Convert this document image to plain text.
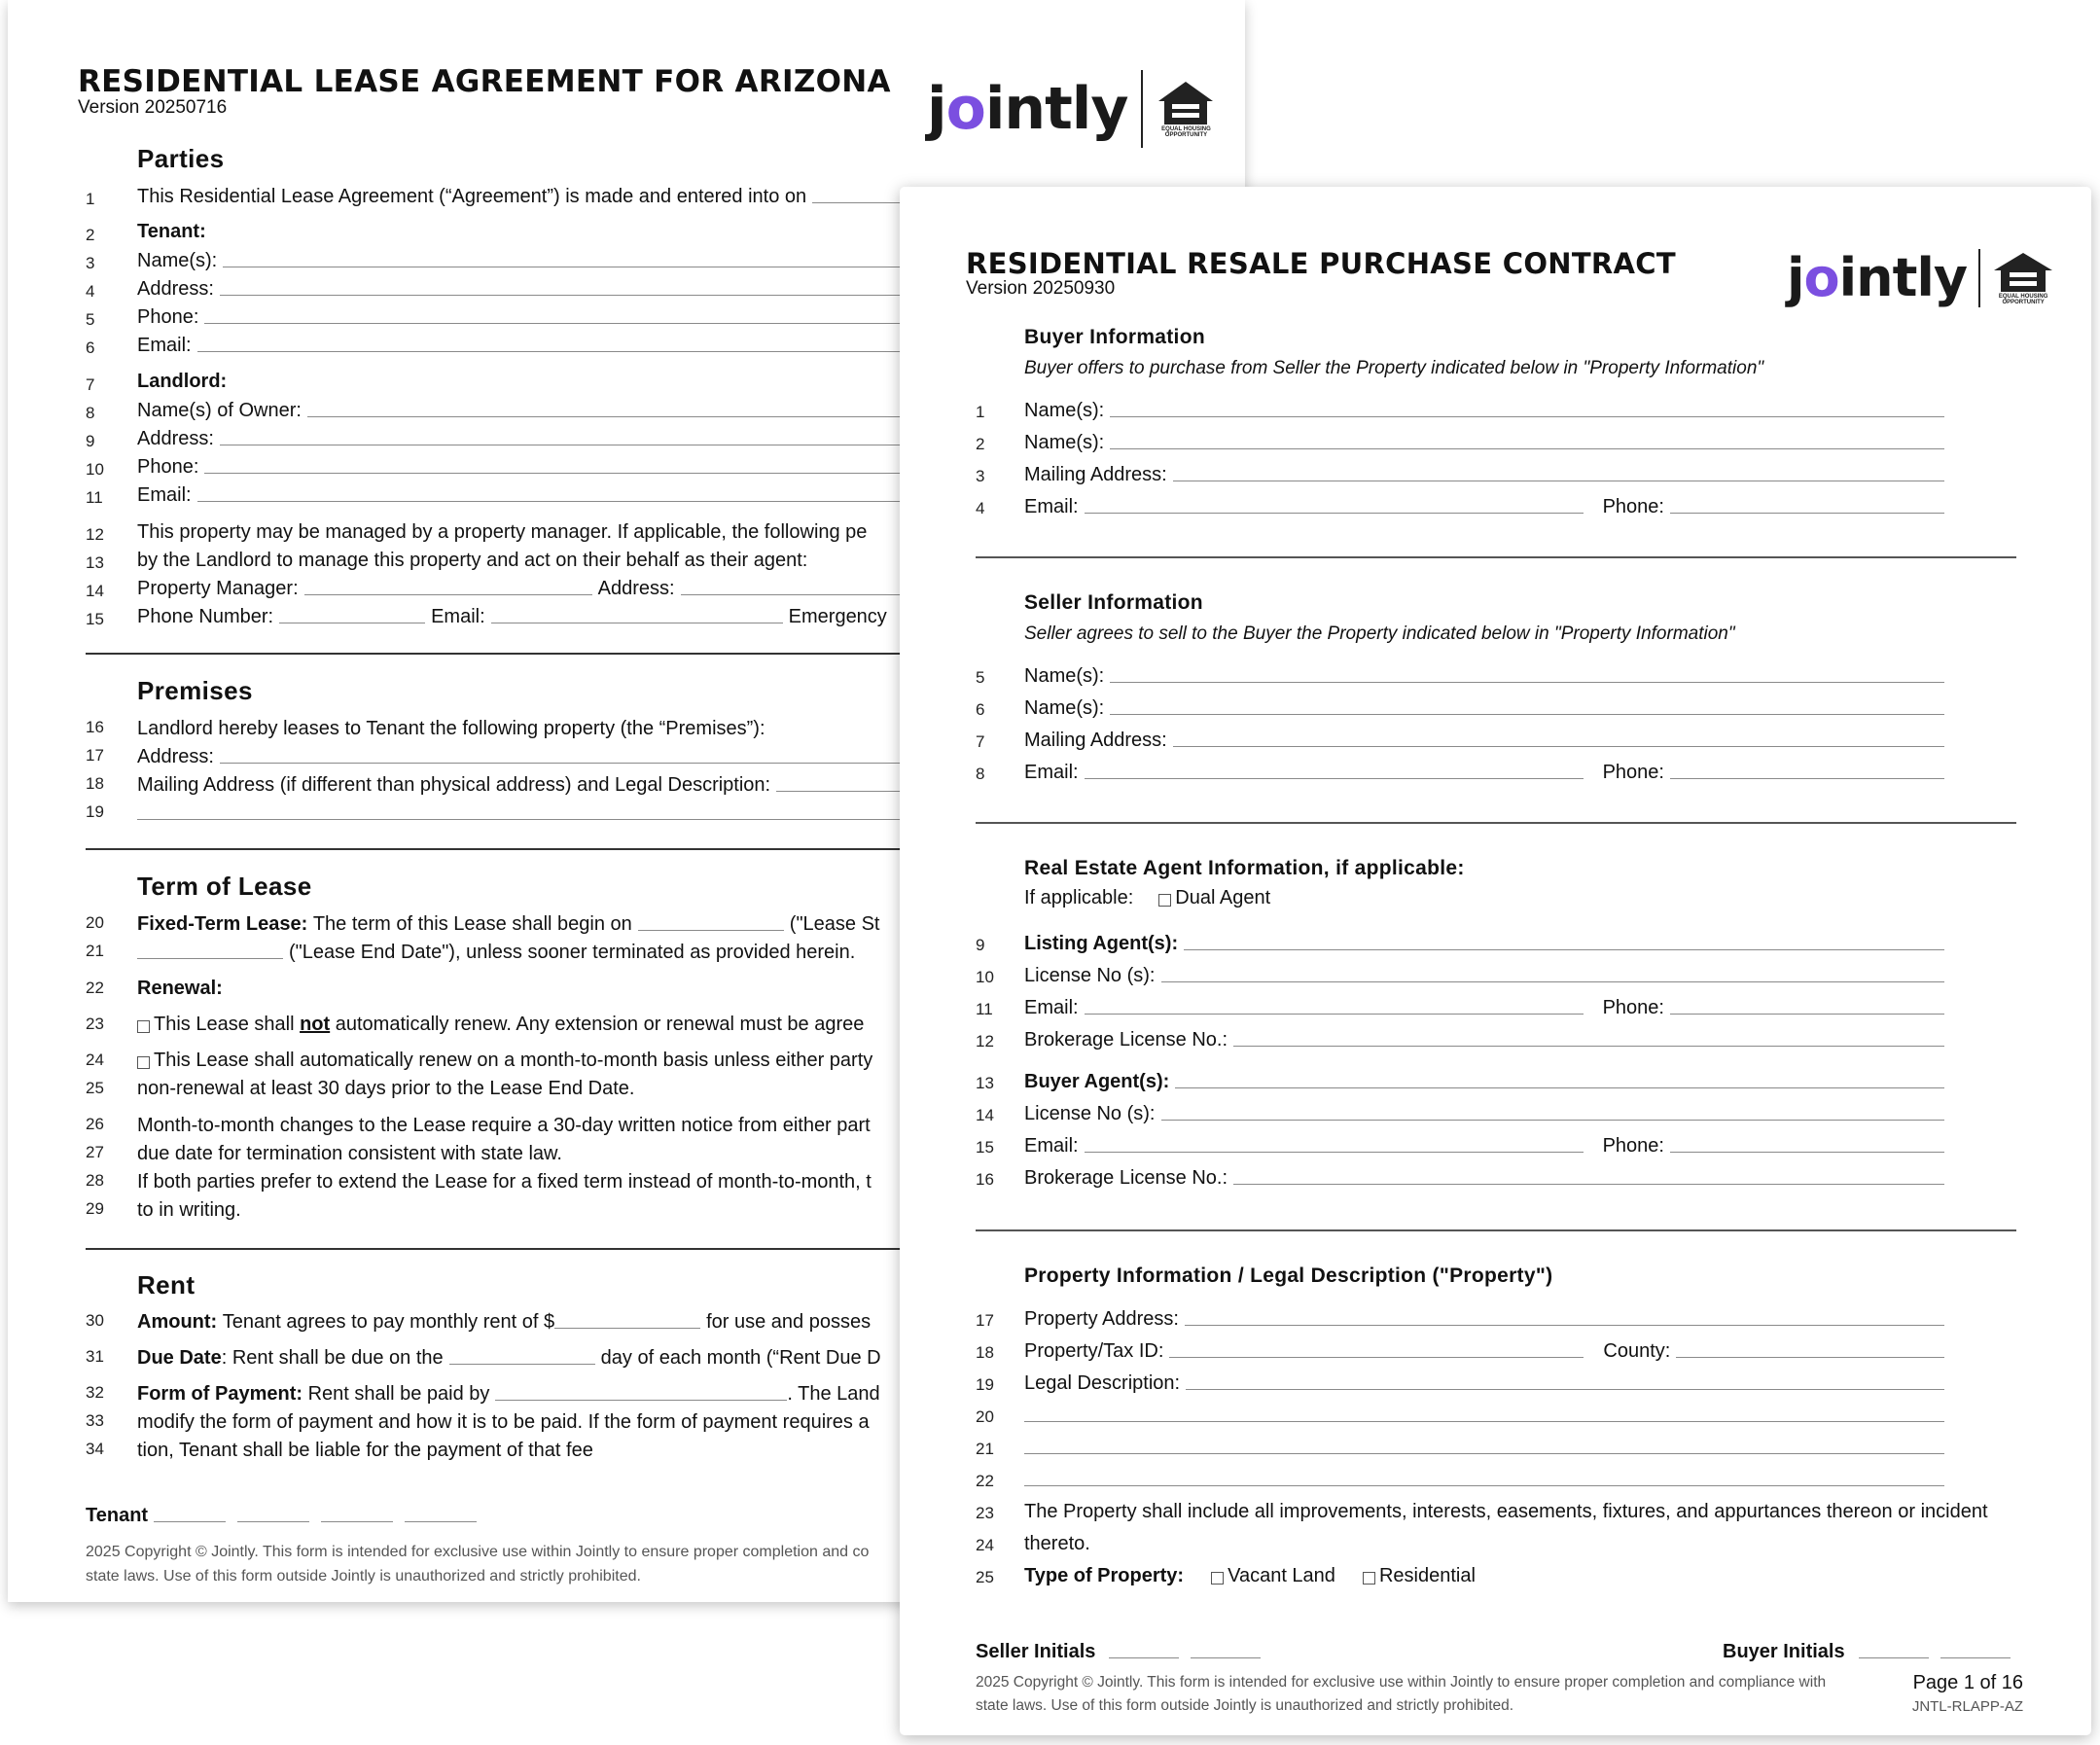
RESIDENTIAL LEASE AGREEMENT FOR ARIZONA
Version 20250716	jointly	EQUAL HOUSING
OPPORTUNITY
Parties
1 This Residential Lease Agreement (“Agreement”) is made and entered into on
2 Tenant:
3 Name(s):
4 Address:
5 Phone:
6 Email:
7 Landlord:
8 Name(s) of Owner:
9 Address:
10 Phone:
11 Email:
12 This property may be managed by a property manager. If applicable, the following pe
13 by the Landlord to manage this property and act on their behalf as their agent:
14 Property Manager:	Address:
15 Phone Number:	Email:	Emergency
Premises
16 Landlord hereby leases to Tenant the following property (the “Premises”):
17 Address:
18 Mailing Address (if different than physical address) and Legal Description:
19
Term of Lease
20 Fixed-Term Lease:
The term of this Lease shall begin on	("Lease St
21	("Lease End Date"), unless sooner terminated as provided herein.
22 Renewal:
23	This Lease shall
not
automatically renew. Any extension or renewal must be agree
24	This Lease shall automatically renew on a month-to-month basis unless either party
25 non-renewal at least 30 days prior to the Lease End Date.
26 Month-to-month changes to the Lease require a 30-day written notice from either part
27 due date for termination consistent with state law.
28 If both parties prefer to extend the Lease for a fixed term instead of month-to-month, t
29 to in writing.
Rent
30 Amount:
Tenant agrees to pay monthly rent of $	for use and posses
31 Due Date : Rent shall be due on the	day of each month (“Rent Due D
32 Form of Payment:
Rent shall be paid by	. The Land
33 modify the form of payment and how it is to be paid. If the form of payment requires a
34 tion, Tenant shall be liable for the payment of that fee
Tenant
2025 Copyright © Jointly. This form is intended for exclusive use within Jointly to ensure proper completion and co
state laws. Use of this form outside Jointly is unauthorized and strictly prohibited.
RESIDENTIAL RESALE PURCHASE CONTRACT
Version 20250930	jointly	EQUAL HOUSING
OPPORTUNITY
Buyer Information
Buyer offers to purchase from Seller the Property indicated below in "Property Information"
1 Name(s):
2 Name(s):
3 Mailing Address:
4 Email:	Phone:
Seller Information
Seller agrees to sell to the Buyer the Property indicated below in "Property Information"
5 Name(s):
6 Name(s):
7 Mailing Address:
8 Email:	Phone:
Real Estate Agent Information, if applicable:
If applicable: Dual Agent
9 Listing Agent(s):
10 License No (s):
11 Email:	Phone:
12 Brokerage License No.:
13 Buyer Agent(s):
14 License No (s):
15 Email:	Phone:
16 Brokerage License No.:
Property Information / Legal Description ("Property")
17 Property Address:
18 Property/Tax ID:	County:
19 Legal Description:
20
21
22
23 The Property shall include all improvements, interests, easements, fixtures, and appurtances thereon or incident
24 thereto.
25 Type of Property: Vacant Land Residential
Seller Initials	Buyer Initials
2025 Copyright © Jointly. This form is intended for exclusive use within Jointly to ensure proper completion and compliance with
state laws. Use of this form outside Jointly is unauthorized and strictly prohibited.
Page 1 of 16
JNTL-RLAPP-AZ
